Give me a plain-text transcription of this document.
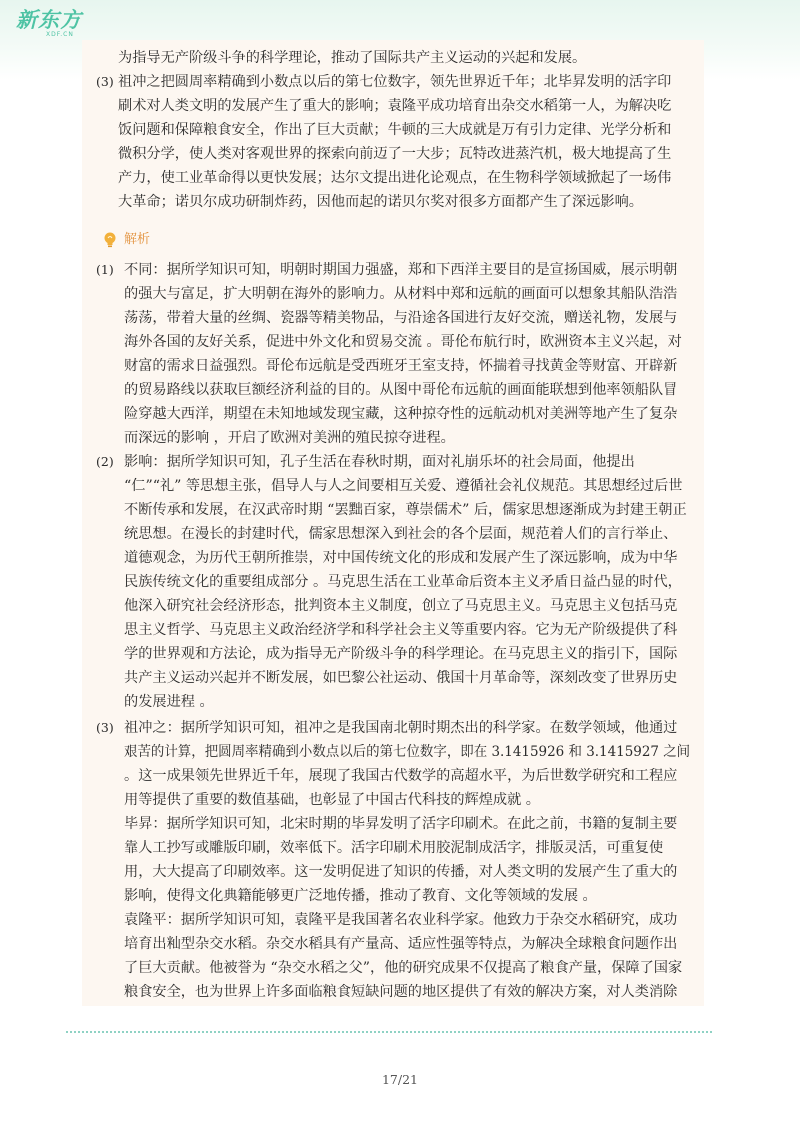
新东方
XDF.CN
为指导无产阶级斗争的科学理论，推动了国际共产主义运动的兴起和发展。
(3) 祖冲之把圆周率精确到小数点以后的第七位数字，领先世界近千年；北毕昇发明的活字印
刷术对人类文明的发展产生了重大的影响；袁隆平成功培育出杂交水稻第一人，为解决吃
饭问题和保障粮食安全，作出了巨大贡献；牛顿的三大成就是万有引力定律、光学分析和
微积分学，使人类对客观世界的探索向前迈了一大步；瓦特改进蒸汽机，极大地提高了生
产力，使工业革命得以更快发展；达尔文提出进化论观点，在生物科学领域掀起了一场伟
大革命；诺贝尔成功研制炸药，因他而起的诺贝尔奖对很多方面都产生了深远影响。
解析
(1) 不同：据所学知识可知，明朝时期国力强盛，郑和下西洋主要目的是宣扬国威，展示明朝
的强大与富足，扩大明朝在海外的影响力。从材料中郑和远航的画面可以想象其船队浩浩
荡荡，带着大量的丝绸、瓷器等精美物品，与沿途各国进行友好交流，赠送礼物，发展与
海外各国的友好关系，促进中外文化和贸易交流 。哥伦布航行时，欧洲资本主义兴起，对
财富的需求日益强烈。哥伦布远航是受西班牙王室支持，怀揣着寻找黄金等财富、开辟新
的贸易路线以获取巨额经济利益的目的。从图中哥伦布远航的画面能联想到他率领船队冒
险穿越大西洋，期望在未知地域发现宝藏，这种掠夺性的远航动机对美洲等地产生了复杂
而深远的影响 ，开启了欧洲对美洲的殖民掠夺进程。
(2) 影响：据所学知识可知，孔子生活在春秋时期，面对礼崩乐坏的社会局面，他提出
“仁”“礼” 等思想主张，倡导人与人之间要相互关爱、遵循社会礼仪规范。其思想经过后世
不断传承和发展，在汉武帝时期 “罢黜百家，尊崇儒术” 后，儒家思想逐渐成为封建王朝正
统思想。在漫长的封建时代，儒家思想深入到社会的各个层面，规范着人们的言行举止、
道德观念，为历代王朝所推崇，对中国传统文化的形成和发展产生了深远影响，成为中华
民族传统文化的重要组成部分 。马克思生活在工业革命后资本主义矛盾日益凸显的时代，
他深入研究社会经济形态，批判资本主义制度，创立了马克思主义。马克思主义包括马克
思主义哲学、马克思主义政治经济学和科学社会主义等重要内容。它为无产阶级提供了科
学的世界观和方法论，成为指导无产阶级斗争的科学理论。在马克思主义的指引下，国际
共产主义运动兴起并不断发展，如巴黎公社运动、俄国十月革命等，深刻改变了世界历史
的发展进程 。
(3) 祖冲之：据所学知识可知，祖冲之是我国南北朝时期杰出的科学家。在数学领域，他通过
艰苦的计算，把圆周率精确到小数点以后的第七位数字，即在 3.1415926 和 3.1415927 之间
。这一成果领先世界近千年，展现了我国古代数学的高超水平，为后世数学研究和工程应
用等提供了重要的数值基础，也彰显了中国古代科技的辉煌成就 。
毕昇：据所学知识可知，北宋时期的毕昇发明了活字印刷术。在此之前，书籍的复制主要
靠人工抄写或雕版印刷，效率低下。活字印刷术用胶泥制成活字，排版灵活，可重复使
用，大大提高了印刷效率。这一发明促进了知识的传播，对人类文明的发展产生了重大的
影响，使得文化典籍能够更广泛地传播，推动了教育、文化等领域的发展 。
袁隆平：据所学知识可知，袁隆平是我国著名农业科学家。他致力于杂交水稻研究，成功
培育出籼型杂交水稻。杂交水稻具有产量高、适应性强等特点，为解决全球粮食问题作出
了巨大贡献。他被誉为 “杂交水稻之父”，他的研究成果不仅提高了粮食产量，保障了国家
粮食安全，也为世界上许多面临粮食短缺问题的地区提供了有效的解决方案，对人类消除
17/21
